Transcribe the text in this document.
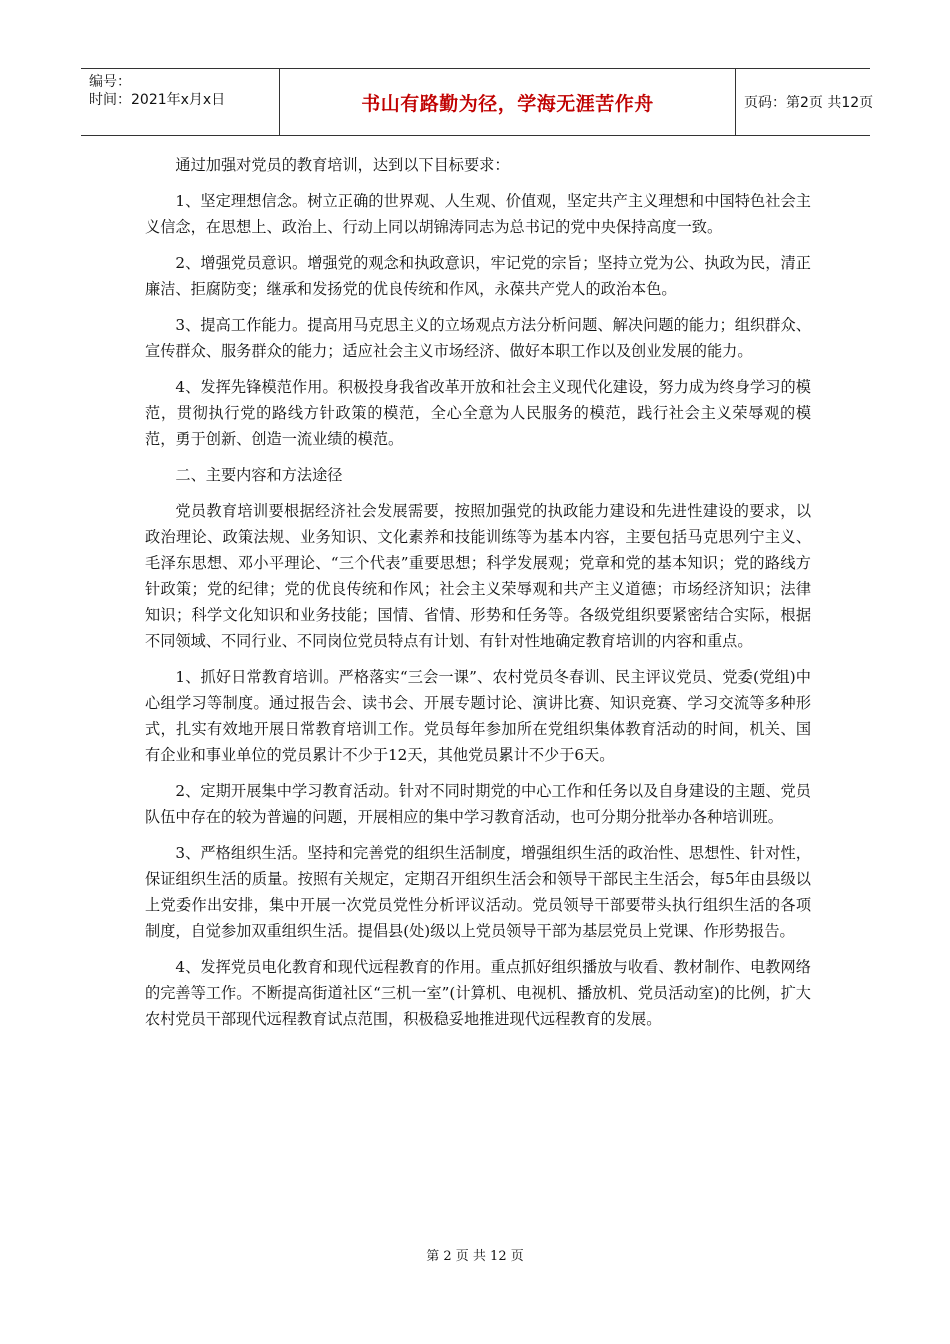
编号：
时间：2021年x月x日	书山有路勤为径，学海无涯苦作舟	页码：第2页 共12页

通过加强对党员的教育培训，达到以下目标要求：

1、坚定理想信念。树立正确的世界观、人生观、价值观，坚定共产主义理想和中国特色社会主义信念，在思想上、政治上、行动上同以胡锦涛同志为总书记的党中央保持高度一致。

2、增强党员意识。增强党的观念和执政意识，牢记党的宗旨；坚持立党为公、执政为民，清正廉洁、拒腐防变；继承和发扬党的优良传统和作风，永葆共产党人的政治本色。

3、提高工作能力。提高用马克思主义的立场观点方法分析问题、解决问题的能力；组织群众、宣传群众、服务群众的能力；适应社会主义市场经济、做好本职工作以及创业发展的能力。

4、发挥先锋模范作用。积极投身我省改革开放和社会主义现代化建设，努力成为终身学习的模范，贯彻执行党的路线方针政策的模范，全心全意为人民服务的模范，践行社会主义荣辱观的模范，勇于创新、创造一流业绩的模范。

二、主要内容和方法途径

党员教育培训要根据经济社会发展需要，按照加强党的执政能力建设和先进性建设的要求，以政治理论、政策法规、业务知识、文化素养和技能训练等为基本内容，主要包括马克思列宁主义、毛泽东思想、邓小平理论、“三个代表”重要思想；科学发展观；党章和党的基本知识；党的路线方针政策；党的纪律；党的优良传统和作风；社会主义荣辱观和共产主义道德；市场经济知识；法律知识；科学文化知识和业务技能；国情、省情、形势和任务等。各级党组织要紧密结合实际，根据不同领域、不同行业、不同岗位党员特点有计划、有针对性地确定教育培训的内容和重点。

1、抓好日常教育培训。严格落实“三会一课”、农村党员冬春训、民主评议党员、党委(党组)中心组学习等制度。通过报告会、读书会、开展专题讨论、演讲比赛、知识竞赛、学习交流等多种形式，扎实有效地开展日常教育培训工作。党员每年参加所在党组织集体教育活动的时间，机关、国有企业和事业单位的党员累计不少于12天，其他党员累计不少于6天。

2、定期开展集中学习教育活动。针对不同时期党的中心工作和任务以及自身建设的主题、党员队伍中存在的较为普遍的问题，开展相应的集中学习教育活动，也可分期分批举办各种培训班。

3、严格组织生活。坚持和完善党的组织生活制度，增强组织生活的政治性、思想性、针对性，保证组织生活的质量。按照有关规定，定期召开组织生活会和领导干部民主生活会，每5年由县级以上党委作出安排，集中开展一次党员党性分析评议活动。党员领导干部要带头执行组织生活的各项制度，自觉参加双重组织生活。提倡县(处)级以上党员领导干部为基层党员上党课、作形势报告。

4、发挥党员电化教育和现代远程教育的作用。重点抓好组织播放与收看、教材制作、电教网络的完善等工作。不断提高街道社区“三机一室”(计算机、电视机、播放机、党员活动室)的比例，扩大农村党员干部现代远程教育试点范围，积极稳妥地推进现代远程教育的发展。

第 2 页 共 12 页
